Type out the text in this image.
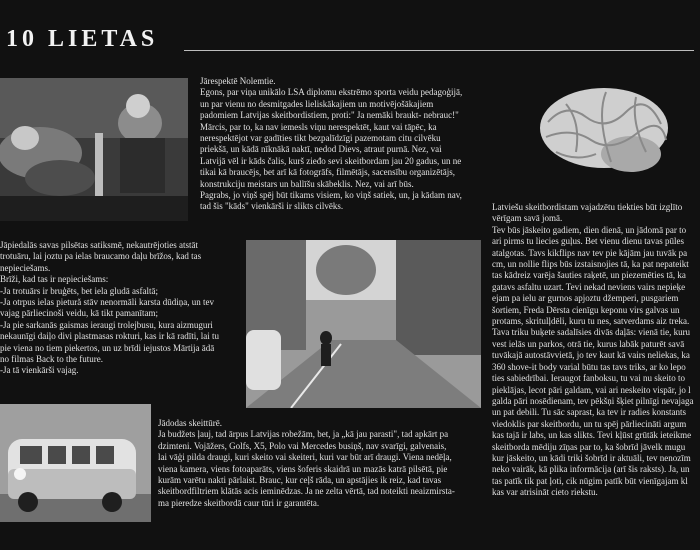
10 LIETAS
Jārespektē Nolemtie.
Egons, par viņa unikālo LSA diplomu ekstrēmo sporta veidu pedagoģijā,
un par vienu no desmitgades lieliskākajiem un motivējošākajiem
padomiem Latvijas skeitbordistiem, proti:" Ja nemāki braukt- nebrauc!"
Mārcis, par to, ka nav iemesls viņu nerespektēt, kaut vai tāpēc, ka
nerespektējot var gadīties tikt bezpalīdzīgi pazemotam citu cilvēku
priekšā, un kādā nīknākā naktī, nedod Dievs, atraut purnā. Nez, vai
Latvijā vēl ir kāds čalis, kurš zieđo sevi skeitbordam jau 20 gadus, un ne
tikai kā braucējs, bet arī kā fotogrāfs, filmētājs, sacensību organizētājs,
konstrukciju meistars un ballīšu skābeklis. Nez, vai arī būs.
Pagrabs, jo viņš spēj būt tikams visiem, ko viņš satiek, un, ja kādam nav,
tad šis "kāds" vienkārši ir slikts cilvēks.
Jāpiedalās savas pilsētas satiksmē, nekautrējoties atstāt
trotuāru, lai joztu pa ielas braucamo daļu brīžos, kad tas
nepieciešams.
Brīži, kad tas ir nepieciešams:
-Ja trotuārs ir bruģēts, bet iela gludā asfaltā;
-Ja otrpus ielas pietură stāv nenormāli karsta dūdiņa, un tev
vajag pārliecinoši veidu, kā tikt pamanītam;
-Ja pie sarkanās gaismas ieraugi trolejbusu, kura aizmuguri
nekaunīgi daiļo divi plastmasas rokturi, kas ir kā radīti, lai tu
pie viena no tiem piekertos, un uz brīdi iejustos Mārtija ādā
no filmas Back to the future.
-Ja tā vienkārši vajag.
Jādodas skeittūrē.
Ja budžets ļauj, tad ārpus Latvijas robežām, bet, ja „kā jau parasti", tad apkārt pa
dzimteni. Vojāžers, Golfs, X5, Polo vai Mercedes busiņš, nav svarīgi, galvenais,
lai vāģi pilda draugi, kuri skeito vai skeiteri, kuri var būt arī draugi. Viena nedēļa,
viena kamera, viens fotoaparāts, viens šoferis skaidrā un mazās katrā pilsētā, pie
kurām varētu nakti pārlaist. Brauc, kur ceļš rāda, un apstājies ik reiz, kad tavas
skeitbordfiltriem klātās acis ieminēdzas. Ja ne zelta vērtā, tad noteikti neaizmirstа-
ma pieredze skeitbordā caur tūri ir garantēta.
Latviešu skeitbordistam vajadzētu tiekties būt izglīto
vērīgam savā jomā.
Tev būs jāskeito gadiem, dien dienā, un jādomā par to
ari pirms tu liecies guļus. Bet vienu dienu tavas pūles
atalgotas. Tavs kikflips nav tev pie kājām jau tuvāk pa
cm, un nollie flips būs izstaisnojies tā, ka pat nepateikt
tas kādreiz varēja šauties raķetē, un piezemēties tā, ka
gatavs asfaltu uzart. Tevi nekad neviens vairs nepieķe
ejam pa ielu ar gurnos apjoztu džemperi, pusgariem
šortiem, Freda Dērsta cienīgu keponu virs galvas un
protams, skritulļdēli, kuru tu nes, satverdams aiz treka.
Tava triku buķete sadalīsies divās daļās: vienā tie, kuru
vest ielās un parkos, otrā tie, kurus labāk paturēt savā
tuvākajā autostāvvietā, jo tev kaut kā vairs neliekas, ka
360 shove-it body varial būtu tas tavs triks, ar ko lepo
ties sabiedrībai. Ieraugot fanboksu, tu vai nu skeito to
pieklājas, lecot pāri galdam, vai ari neskeito vispār, jo l
galda pāri nosēdienam, tev pēkšņi šķiet pilnīgi nevajaga
un pat debili. Tu sāc saprast, ka tev ir radies konstants
viedoklis par skeitbordu, un tu spēj pārliecināti argum
kas tajā ir labs, un kas slikts. Tevi kļūst grūtāk ieteikme
skeitborda mēdiju zīņas par to, ka šobrīd jāvelk mugu
kur jāskeito, un kādi triki šobrīd ir aktuāli, tev nenozīm
neko vairāk, kā plika informācija (arī šis raksts). Ja, un
tas patīk tik pat ļoti, cik nūgim patīk būt vienīgajam kl
kas var atrisināt cieto riekstu.
